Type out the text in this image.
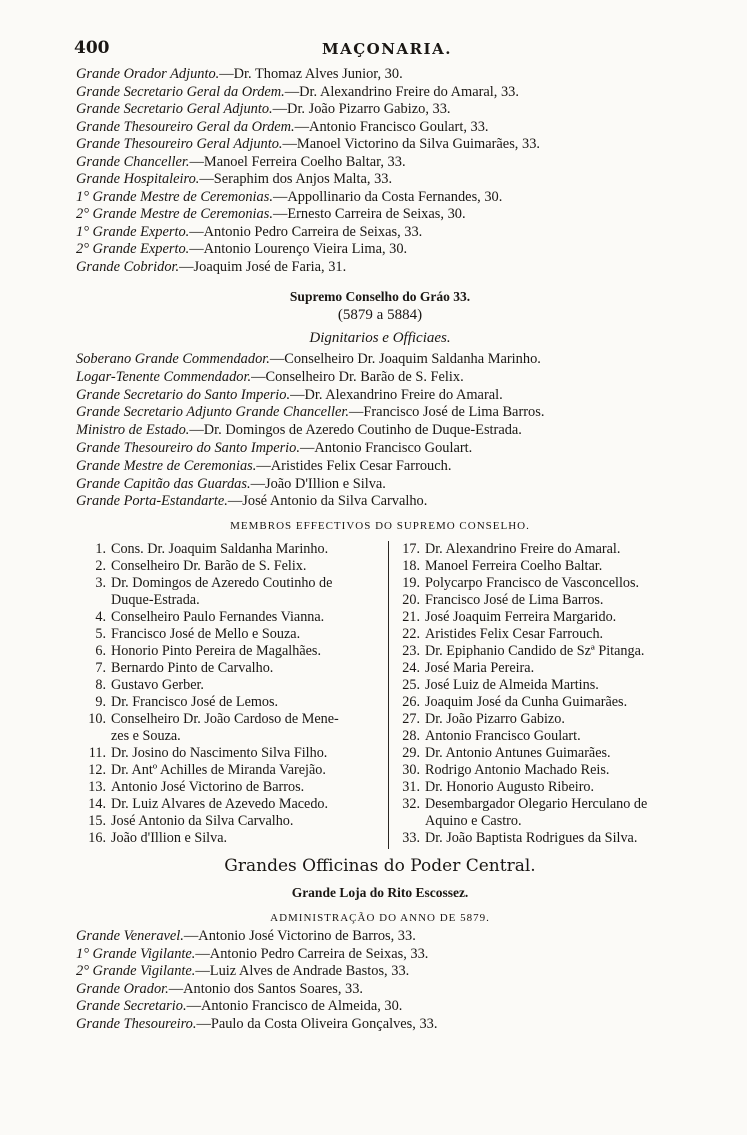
400	MAÇONARIA.
Grande Orador Adjunto.—Dr. Thomaz Alves Junior, 30.
Grande Secretario Geral da Ordem.—Dr. Alexandrino Freire do Amaral, 33.
Grande Secretario Geral Adjunto.—Dr. João Pizarro Gabizo, 33.
Grande Thesoureiro Geral da Ordem.—Antonio Francisco Goulart, 33.
Grande Thesoureiro Geral Adjunto.—Manoel Victorino da Silva Guimarães, 33.
Grande Chanceller.—Manoel Ferreira Coelho Baltar, 33.
Grande Hospitaleiro.—Seraphim dos Anjos Malta, 33.
1° Grande Mestre de Ceremonias.—Appollinario da Costa Fernandes, 30.
2° Grande Mestre de Ceremonias.—Ernesto Carreira de Seixas, 30.
1° Grande Experto.—Antonio Pedro Carreira de Seixas, 33.
2° Grande Experto.—Antonio Lourenço Vieira Lima, 30.
Grande Cobridor.—Joaquim José de Faria, 31.
Supremo Conselho do Gráo 33.
(5879 a 5884)
Dignitarios e Officiaes.
Soberano Grande Commendador.—Conselheiro Dr. Joaquim Saldanha Marinho.
Logar-Tenente Commendador.—Conselheiro Dr. Barão de S. Felix.
Grande Secretario do Santo Imperio.—Dr. Alexandrino Freire do Amaral.
Grande Secretario Adjunto Grande Chanceller.—Francisco José de Lima Barros.
Ministro de Estado.—Dr. Domingos de Azeredo Coutinho de Duque-Estrada.
Grande Thesoureiro do Santo Imperio.—Antonio Francisco Goulart.
Grande Mestre de Ceremonias.—Aristides Felix Cesar Farrouch.
Grande Capitão das Guardas.—João D'Illion e Silva.
Grande Porta-Estandarte.—José Antonio da Silva Carvalho.
MEMBROS EFFECTIVOS DO SUPREMO CONSELHO.
1. Cons. Dr. Joaquim Saldanha Marinho.
2. Conselheiro Dr. Barão de S. Felix.
3. Dr. Domingos de Azeredo Coutinho de
Duque-Estrada.
4. Conselheiro Paulo Fernandes Vianna.
5. Francisco José de Mello e Souza.
6. Honorio Pinto Pereira de Magalhães.
7. Bernardo Pinto de Carvalho.
8. Gustavo Gerber.
9. Dr. Francisco José de Lemos.
10. Conselheiro Dr. João Cardoso de Mene-
zes e Souza.
11. Dr. Josino do Nascimento Silva Filho.
12. Dr. Antº Achilles de Miranda Varejão.
13. Antonio José Victorino de Barros.
14. Dr. Luiz Alvares de Azevedo Macedo.
15. José Antonio da Silva Carvalho.
16. João d'Illion e Silva.
17. Dr. Alexandrino Freire do Amaral.
18. Manoel Ferreira Coelho Baltar.
19. Polycarpo Francisco de Vasconcellos.
20. Francisco José de Lima Barros.
21. José Joaquim Ferreira Margarido.
22. Aristides Felix Cesar Farrouch.
23. Dr. Epiphanio Candido de Szª Pitanga.
24. José Maria Pereira.
25. José Luiz de Almeida Martins.
26. Joaquim José da Cunha Guimarães.
27. Dr. João Pizarro Gabizo.
28. Antonio Francisco Goulart.
29. Dr. Antonio Antunes Guimarães.
30. Rodrigo Antonio Machado Reis.
31. Dr. Honorio Augusto Ribeiro.
32. Desembargador Olegario Herculano de
Aquino e Castro.
33. Dr. João Baptista Rodrigues da Silva.
Grandes Officinas do Poder Central.
Grande Loja do Rito Escossez.
ADMINISTRAÇÃO DO ANNO DE 5879.
Grande Veneravel.—Antonio José Victorino de Barros, 33.
1° Grande Vigilante.—Antonio Pedro Carreira de Seixas, 33.
2° Grande Vigilante.—Luiz Alves de Andrade Bastos, 33.
Grande Orador.—Antonio dos Santos Soares, 33.
Grande Secretario.—Antonio Francisco de Almeida, 30.
Grande Thesoureiro.—Paulo da Costa Oliveira Gonçalves, 33.
